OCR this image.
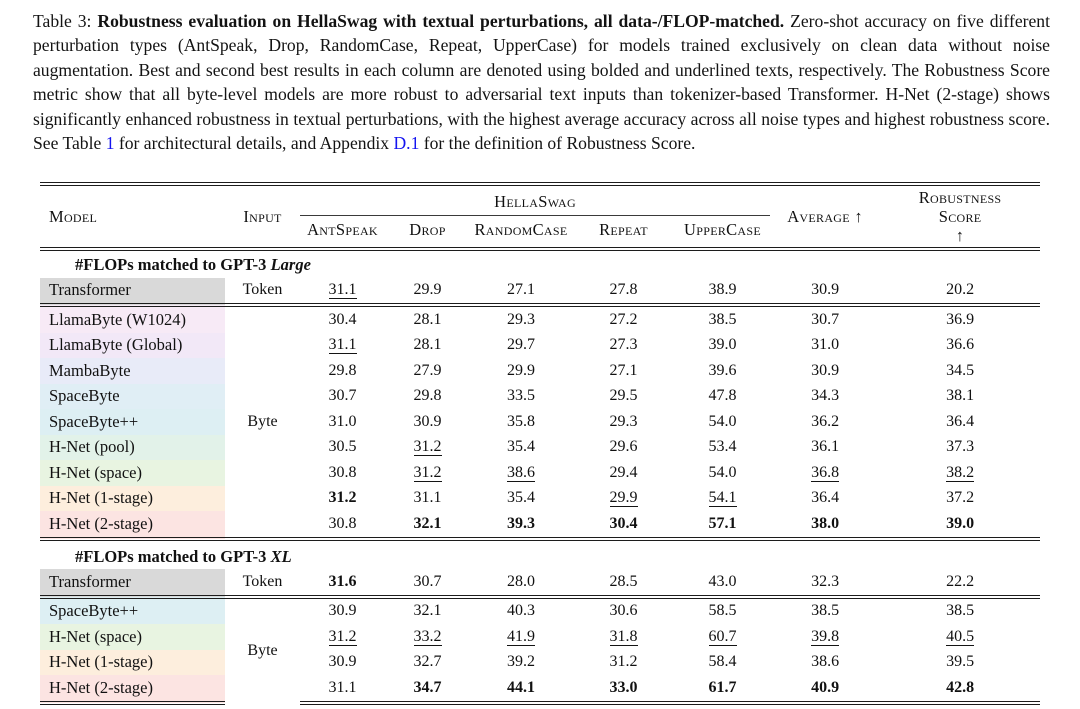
Table 3: Robustness evaluation on HellaSwag with textual perturbations, all data-/FLOP-matched. Zero-shot accuracy on five different perturbation types (AntSpeak, Drop, RandomCase, Repeat, UpperCase) for models trained exclusively on clean data without noise augmentation. Best and second best results in each column are denoted using bolded and underlined texts, respectively. The Robustness Score metric show that all byte-level models are more robust to adversarial text inputs than tokenizer-based Transformer. H-Net (2-stage) shows significantly enhanced robustness in textual perturbations, with the highest average accuracy across all noise types and highest robustness score. See Table 1 for architectural details, and Appendix D.1 for the definition of Robustness Score.
Model	Input	HellaSwag					Average ↑	Robustness
Score
↑

		AntSpeak	Drop	RandomCase	Repeat	UpperCase		
#FLOPs matched to GPT-3 Large								
Transformer	Token	31.1	29.9	27.1	27.8	38.9	30.9	20.2
LlamaByte (W1024)	Byte	30.4	28.1	29.3	27.2	38.5	30.7	36.9
LlamaByte (Global)		31.1	28.1	29.7	27.3	39.0	31.0	36.6
MambaByte		29.8	27.9	29.9	27.1	39.6	30.9	34.5
SpaceByte		30.7	29.8	33.5	29.5	47.8	34.3	38.1
SpaceByte++		31.0	30.9	35.8	29.3	54.0	36.2	36.4
H-Net (pool)		30.5	31.2	35.4	29.6	53.4	36.1	37.3
H-Net (space)		30.8	31.2	38.6	29.4	54.0	36.8	38.2
H-Net (1-stage)		31.2	31.1	35.4	29.9	54.1	36.4	37.2
H-Net (2-stage)		30.8	32.1	39.3	30.4	57.1	38.0	39.0
#FLOPs matched to GPT-3 XL								
Transformer	Token	31.6	30.7	28.0	28.5	43.0	32.3	22.2
SpaceByte++	Byte	30.9	32.1	40.3	30.6	58.5	38.5	38.5
H-Net (space)		31.2	33.2	41.9	31.8	60.7	39.8	40.5
H-Net (1-stage)		30.9	32.7	39.2	31.2	58.4	38.6	39.5
H-Net (2-stage)		31.1	34.7	44.1	33.0	61.7	40.9	42.8
